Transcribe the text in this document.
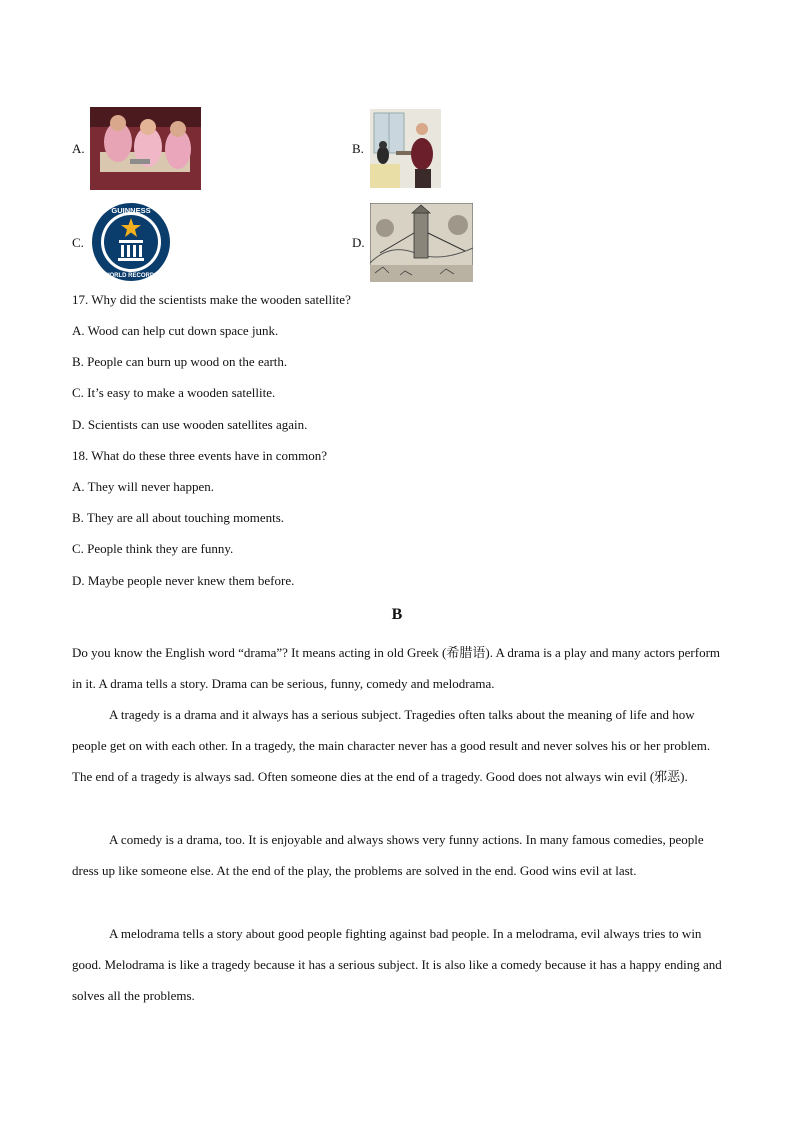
A.	B.
C.
GUINNESS
WORLD RECORDS
D.
17. Why did the scientists make the wooden satellite?
A. Wood can help cut down space junk.
B. People can burn up wood on the earth.
C. It’s easy to make a wooden satellite.
D. Scientists can use wooden satellites again.
18. What do these three events have in common?
A. They will never happen.
B. They are all about touching moments.
C. People think they are funny.
D. Maybe people never knew them before.
B
Do you know the English word “drama”? It means acting in old Greek (希腊语). A drama is a play and many actors perform in it. A drama tells a story. Drama can be serious, funny, comedy and melodrama.
A tragedy is a drama and it always has a serious subject. Tragedies often talks about the meaning of life and how people get on with each other. In a tragedy, the main character never has a good result and never solves his or her problem. The end of a tragedy is always sad. Often someone dies at the end of a tragedy. Good does not always win evil (邪恶).
A comedy is a drama, too. It is enjoyable and always shows very funny actions. In many famous comedies, people dress up like someone else. At the end of the play, the problems are solved in the end. Good wins evil at last.
A melodrama tells a story about good people fighting against bad people. In a melodrama, evil always tries to win good. Melodrama is like a tragedy because it has a serious subject. It is also like a comedy because it has a happy ending and solves all the problems.
